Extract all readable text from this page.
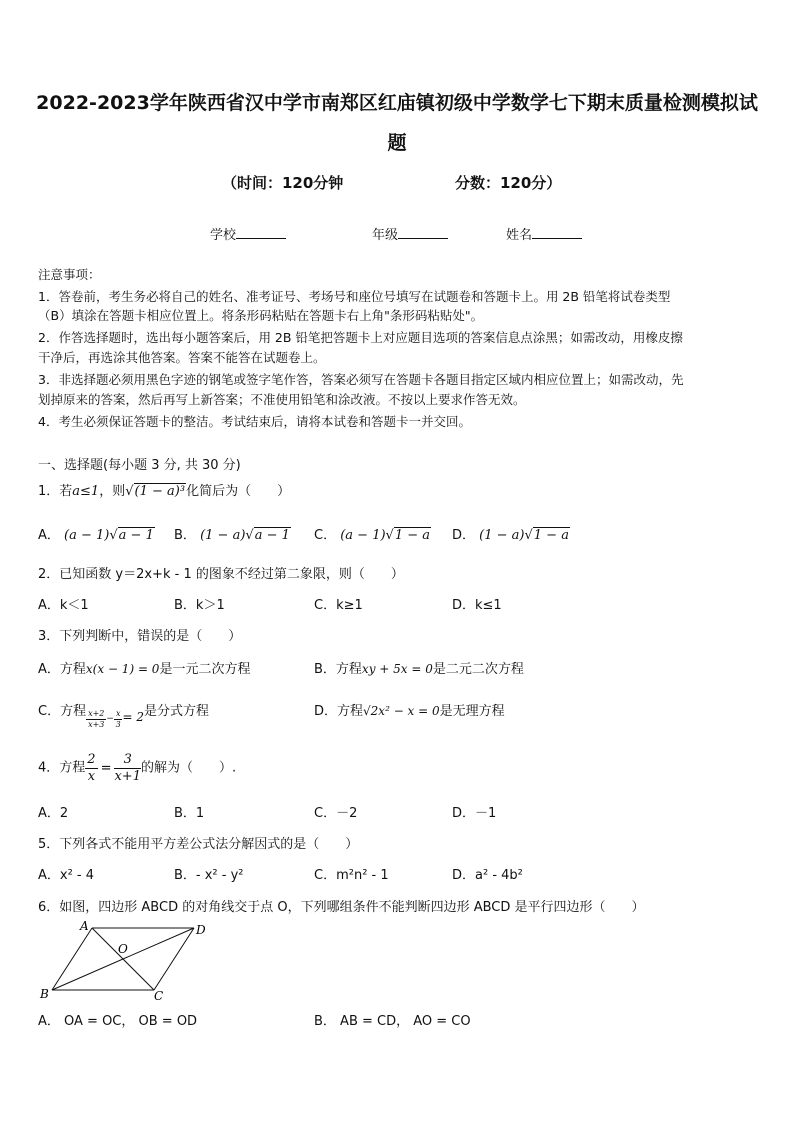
2022-2023学年陕西省汉中学市南郑区红庙镇初级中学数学七下期末质量检测模拟试
题
（时间：120分钟	分数：120分）
学校	年级	姓名
注意事项：
1．答卷前，考生务必将自己的姓名、准考证号、考场号和座位号填写在试题卷和答题卡上。用 2B 铅笔将试卷类型
（B）填涂在答题卡相应位置上。将条形码粘贴在答题卡右上角"条形码粘贴处"。
2．作答选择题时，选出每小题答案后，用 2B 铅笔把答题卡上对应题目选项的答案信息点涂黑；如需改动，用橡皮擦
干净后，再选涂其他答案。答案不能答在试题卷上。
3．非选择题必须用黑色字迹的钢笔或签字笔作答，答案必须写在答题卡各题目指定区域内相应位置上；如需改动，先
划掉原来的答案，然后再写上新答案；不准使用铅笔和涂改液。不按以上要求作答无效。
4．考生必须保证答题卡的整洁。考试结束后，请将本试卷和答题卡一并交回。
一、选择题(每小题 3 分, 共 30 分)
1．若a≤1，则√(1 − a)³化简后为（　　）
A． (a − 1)√a − 1 B． (1 − a)√a − 1 C． (a − 1)√1 − a D． (1 − a)√1 − a
2．已知函数 y＝2x+k - 1 的图象不经过第二象限，则（　　）
A．k＜1	B．k＞1	C．k≥1	D．k≤1
3．下列判断中，错误的是（　　）
A．方程x(x − 1) = 0是一元二次方程	B．方程xy + 5x = 0是二元二次方程
C．方程 $\frac{x+2}{x+3} _- \frac{x}{3} = 2$是分式方程	D．方程√2x² − x = 0是无理方程
4．方程 $\frac{2}{x} = \frac{3}{x+1}$ 的解为（　　）.
A．2	B．1	C．－2	D．－1
5．下列各式不能用平方差公式法分解因式的是（　　）
A．x² - 4	B．- x² - y²	C．m²n² - 1	D．a² - 4b²
6．如图，四边形 ABCD 的对角线交于点 O，下列哪组条件不能判断四边形 ABCD 是平行四边形（　　）
A	D
O
B	C
A． OA = OC， OB = OD	B． AB = CD， AO = CO
